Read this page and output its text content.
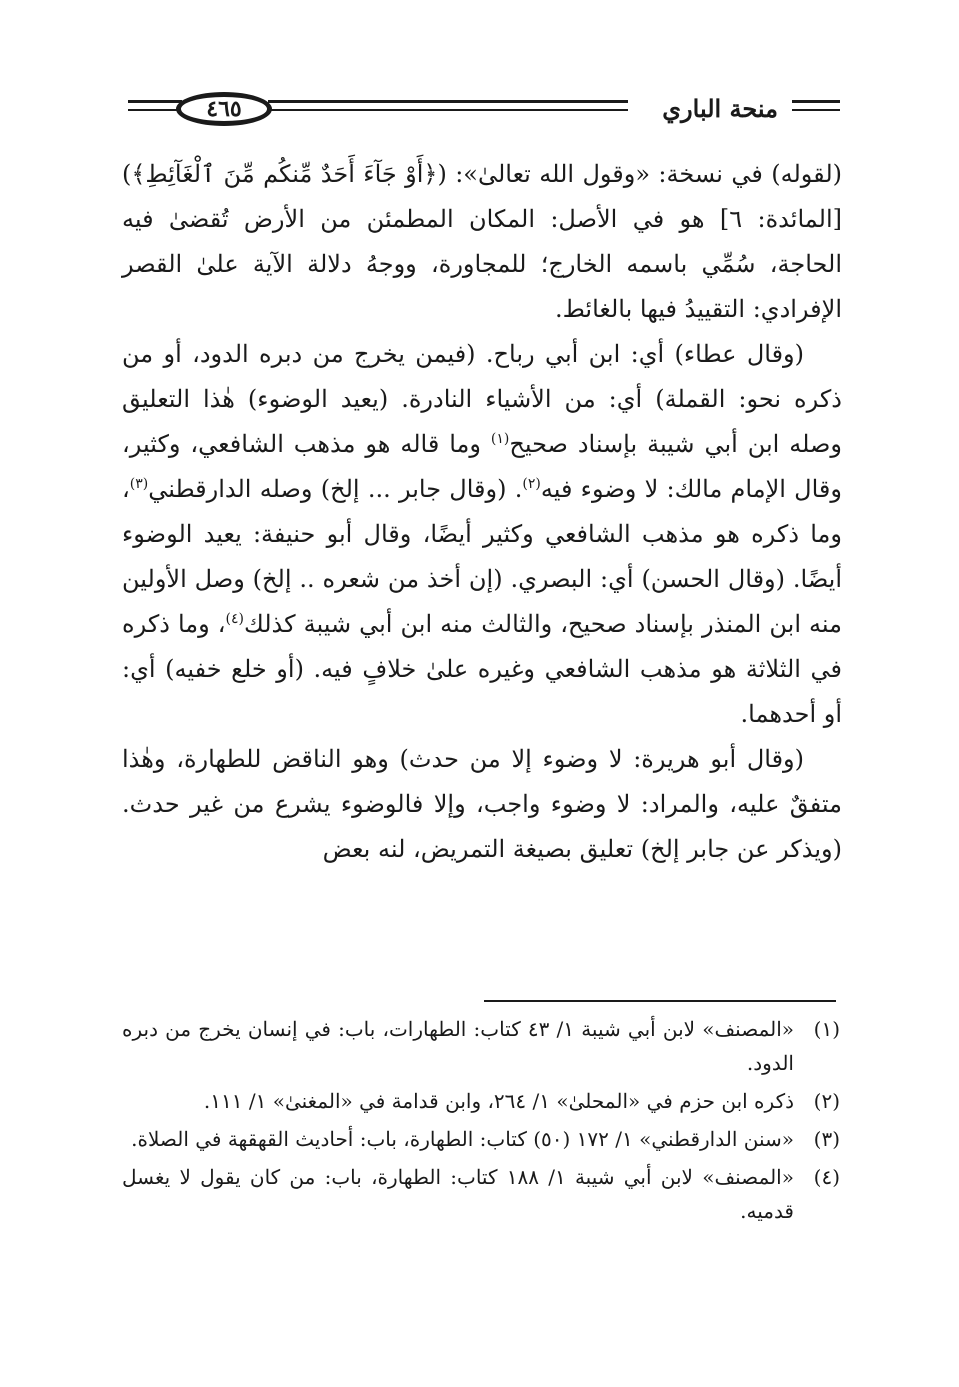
٤٦٥	منحة الباري

(لقوله) في نسخة: «وقول الله تعالىٰ»: (﴿أَوْ جَآءَ أَحَدٌ مِّنكُم مِّنَ ٱلْغَآئِطِ﴾) [المائدة: ٦] هو في الأصل: المكان المطمئن من الأرض تُقضىٰ فيه الحاجة، سُمِّي باسمه الخارج؛ للمجاورة، ووجهُ دلالة الآية علىٰ القصر الإفرادي: التقييدُ فيها بالغائط.

(وقال عطاء) أي: ابن أبي رباح. (فيمن يخرج من دبره الدود، أو من ذكره نحو: القملة) أي: من الأشياء النادرة. (يعيد الوضوء) هٰذا التعليق وصله ابن أبي شيبة بإسناد صحيح$^{(١)}$ وما قاله هو مذهب الشافعي، وكثير، وقال الإمام مالك: لا وضوء فيه$^{(٢)}$. (وقال جابر ... إلخ) وصله الدارقطني$^{(٣)}$، وما ذكره هو مذهب الشافعي وكثير أيضًا، وقال أبو حنيفة: يعيد الوضوء أيضًا. (وقال الحسن) أي: البصري. (إن أخذ من شعره .. إلخ) وصل الأولين منه ابن المنذر بإسناد صحيح، والثالث منه ابن أبي شيبة كذلك$^{(٤)}$، وما ذكره في الثلاثة هو مذهب الشافعي وغيره علىٰ خلافٍ فيه. (أو خلع خفيه) أي: أو أحدهما.

(وقال أبو هريرة: لا وضوء إلا من حدث) وهو الناقض للطهارة، وهٰذا متفقٌ عليه، والمراد: لا وضوء واجب، وإلا فالوضوء يشرع من غير حدث. (ويذكر عن جابر إلخ) تعليق بصيغة التمريض، لنه بعض

(١)
«المصنف» لابن أبي شيبة ١/ ٤٣ كتاب: الطهارات، باب: في إنسان يخرج من دبره الدود.

(٢)
ذكره ابن حزم في «المحلىٰ» ١/ ٢٦٤، وابن قدامة في «المغنىٰ» ١/ ١١١.

(٣)
«سنن الدارقطني» ١/ ١٧٢ (٥٠) كتاب: الطهارة، باب: أحاديث القهقهة في الصلاة.

(٤)
«المصنف» لابن أبي شيبة ١/ ١٨٨ كتاب: الطهارة، باب: من كان يقول لا يغسل قدميه.
